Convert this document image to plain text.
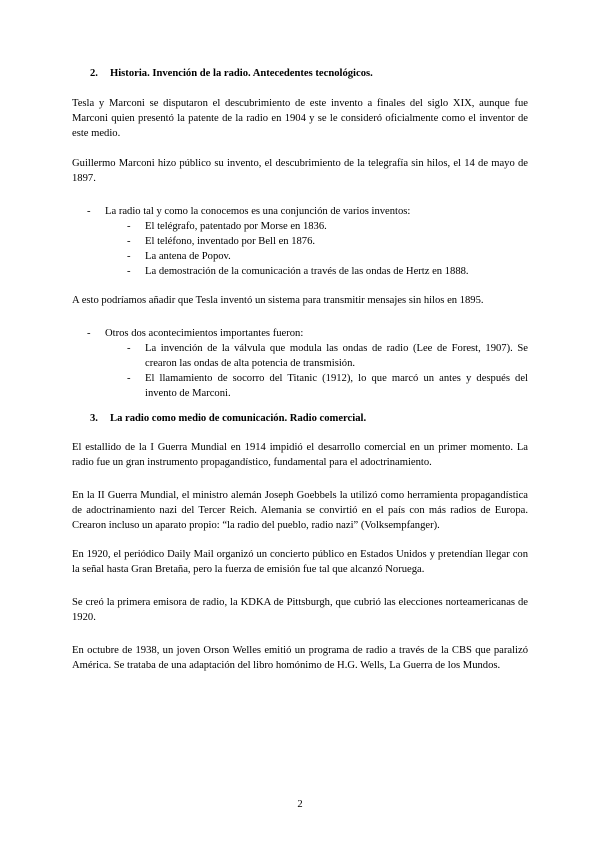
2. Historia. Invención de la radio. Antecedentes tecnológicos.

Tesla y Marconi se disputaron el descubrimiento de este invento a finales del siglo XIX, aunque fue Marconi quien presentó la patente de la radio en 1904 y se le consideró oficialmente como el inventor de este medio.

Guillermo Marconi hizo público su invento, el descubrimiento de la telegrafía sin hilos, el 14 de mayo de 1897.

-	La radio tal y como la conocemos es una conjunción de varios inventos:
-	El telégrafo, patentado por Morse en 1836.
-	El teléfono, inventado por Bell en 1876.
-	La antena de Popov.
-	La demostración de la comunicación a través de las ondas de Hertz en 1888.

A esto podríamos añadir que Tesla inventó un sistema para transmitir mensajes sin hilos en 1895.

-	Otros dos acontecimientos importantes fueron:
-	La invención de la válvula que modula las ondas de radio (Lee de Forest, 1907). Se crearon las ondas de alta potencia de transmisión.
-	El llamamiento de socorro del Titanic (1912), lo que marcó un antes y después del invento de Marconi.
3. La radio como medio de comunicación. Radio comercial.

El estallido de la I Guerra Mundial en 1914 impidió el desarrollo comercial en un primer momento. La radio fue un gran instrumento propagandístico, fundamental para el adoctrinamiento.

En la II Guerra Mundial, el ministro alemán Joseph Goebbels la utilizó como herramienta propagandística de adoctrinamiento nazi del Tercer Reich. Alemania se convirtió en el país con más radios de Europa. Crearon incluso un aparato propio: “la radio del pueblo, radio nazi” (Volksempfanger).

En 1920, el periódico Daily Mail organizó un concierto público en Estados Unidos y pretendían llegar con la señal hasta Gran Bretaña, pero la fuerza de emisión fue tal que alcanzó Noruega.

Se creó la primera emisora de radio, la KDKA de Pittsburgh, que cubrió las elecciones norteamericanas de 1920.

En octubre de 1938, un joven Orson Welles emitió un programa de radio a través de la CBS que paralizó América. Se trataba de una adaptación del libro homónimo de H.G. Wells, La Guerra de los Mundos.

2
